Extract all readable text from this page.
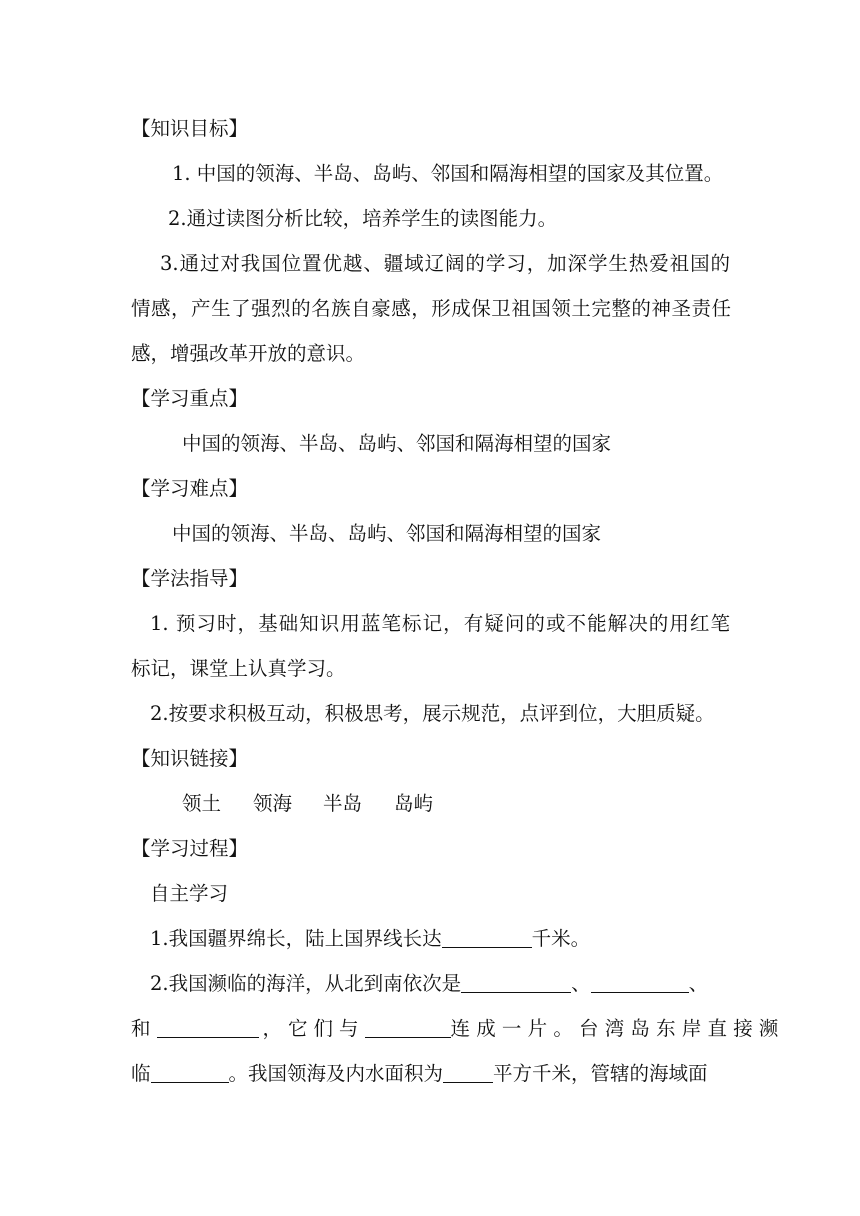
【知识目标】
1. 中国的领海、半岛、岛屿、邻国和隔海相望的国家及其位置。
2.通过读图分析比较，培养学生的读图能力。
3.通过对我国位置优越、疆域辽阔的学习，加深学生热爱祖国的
情感，产生了强烈的名族自豪感，形成保卫祖国领土完整的神圣责任
感，增强改革开放的意识。
【学习重点】
中国的领海、半岛、岛屿、邻国和隔海相望的国家
【学习难点】
中国的领海、半岛、岛屿、邻国和隔海相望的国家
【学法指导】
1. 预习时，基础知识用蓝笔标记，有疑问的或不能解决的用红笔
标记，课堂上认真学习。
2.按要求积极互动，积极思考，展示规范，点评到位，大胆质疑。
【知识链接】
领土 领海 半岛 岛屿
【学习过程】
自主学习
1.我国疆界绵长，陆上国界线长达	千米。
2.我国濒临的海洋，从北到南依次是	、	、
和	，它们与	连成一片。台湾岛东岸直接濒
临	。我国领海及内水面积为	平方千米，管辖的海域面
